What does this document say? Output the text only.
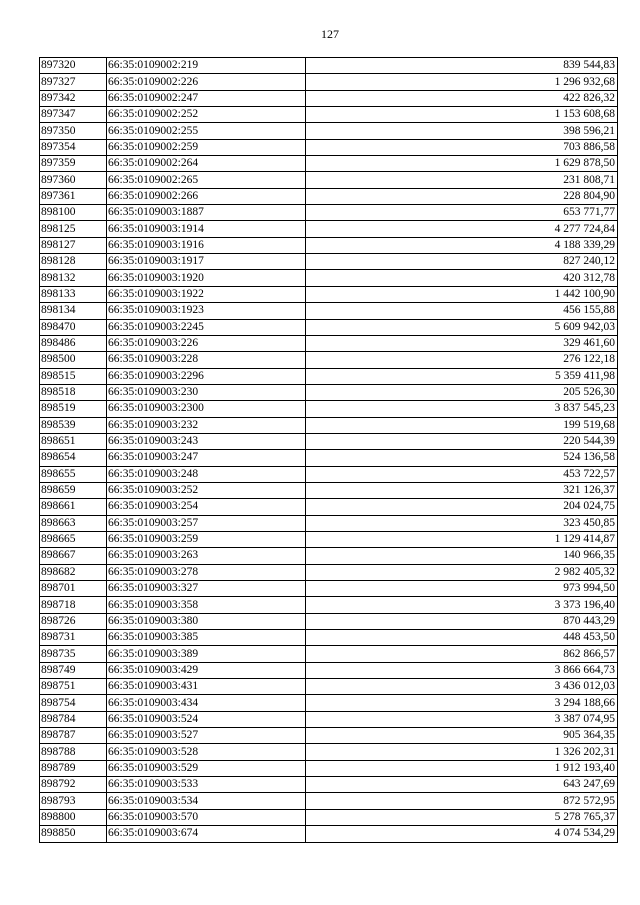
127
897320	66:35:0109002:219	839 544,83
897327	66:35:0109002:226	1 296 932,68
897342	66:35:0109002:247	422 826,32
897347	66:35:0109002:252	1 153 608,68
897350	66:35:0109002:255	398 596,21
897354	66:35:0109002:259	703 886,58
897359	66:35:0109002:264	1 629 878,50
897360	66:35:0109002:265	231 808,71
897361	66:35:0109002:266	228 804,90
898100	66:35:0109003:1887	653 771,77
898125	66:35:0109003:1914	4 277 724,84
898127	66:35:0109003:1916	4 188 339,29
898128	66:35:0109003:1917	827 240,12
898132	66:35:0109003:1920	420 312,78
898133	66:35:0109003:1922	1 442 100,90
898134	66:35:0109003:1923	456 155,88
898470	66:35:0109003:2245	5 609 942,03
898486	66:35:0109003:226	329 461,60
898500	66:35:0109003:228	276 122,18
898515	66:35:0109003:2296	5 359 411,98
898518	66:35:0109003:230	205 526,30
898519	66:35:0109003:2300	3 837 545,23
898539	66:35:0109003:232	199 519,68
898651	66:35:0109003:243	220 544,39
898654	66:35:0109003:247	524 136,58
898655	66:35:0109003:248	453 722,57
898659	66:35:0109003:252	321 126,37
898661	66:35:0109003:254	204 024,75
898663	66:35:0109003:257	323 450,85
898665	66:35:0109003:259	1 129 414,87
898667	66:35:0109003:263	140 966,35
898682	66:35:0109003:278	2 982 405,32
898701	66:35:0109003:327	973 994,50
898718	66:35:0109003:358	3 373 196,40
898726	66:35:0109003:380	870 443,29
898731	66:35:0109003:385	448 453,50
898735	66:35:0109003:389	862 866,57
898749	66:35:0109003:429	3 866 664,73
898751	66:35:0109003:431	3 436 012,03
898754	66:35:0109003:434	3 294 188,66
898784	66:35:0109003:524	3 387 074,95
898787	66:35:0109003:527	905 364,35
898788	66:35:0109003:528	1 326 202,31
898789	66:35:0109003:529	1 912 193,40
898792	66:35:0109003:533	643 247,69
898793	66:35:0109003:534	872 572,95
898800	66:35:0109003:570	5 278 765,37
898850	66:35:0109003:674	4 074 534,29
